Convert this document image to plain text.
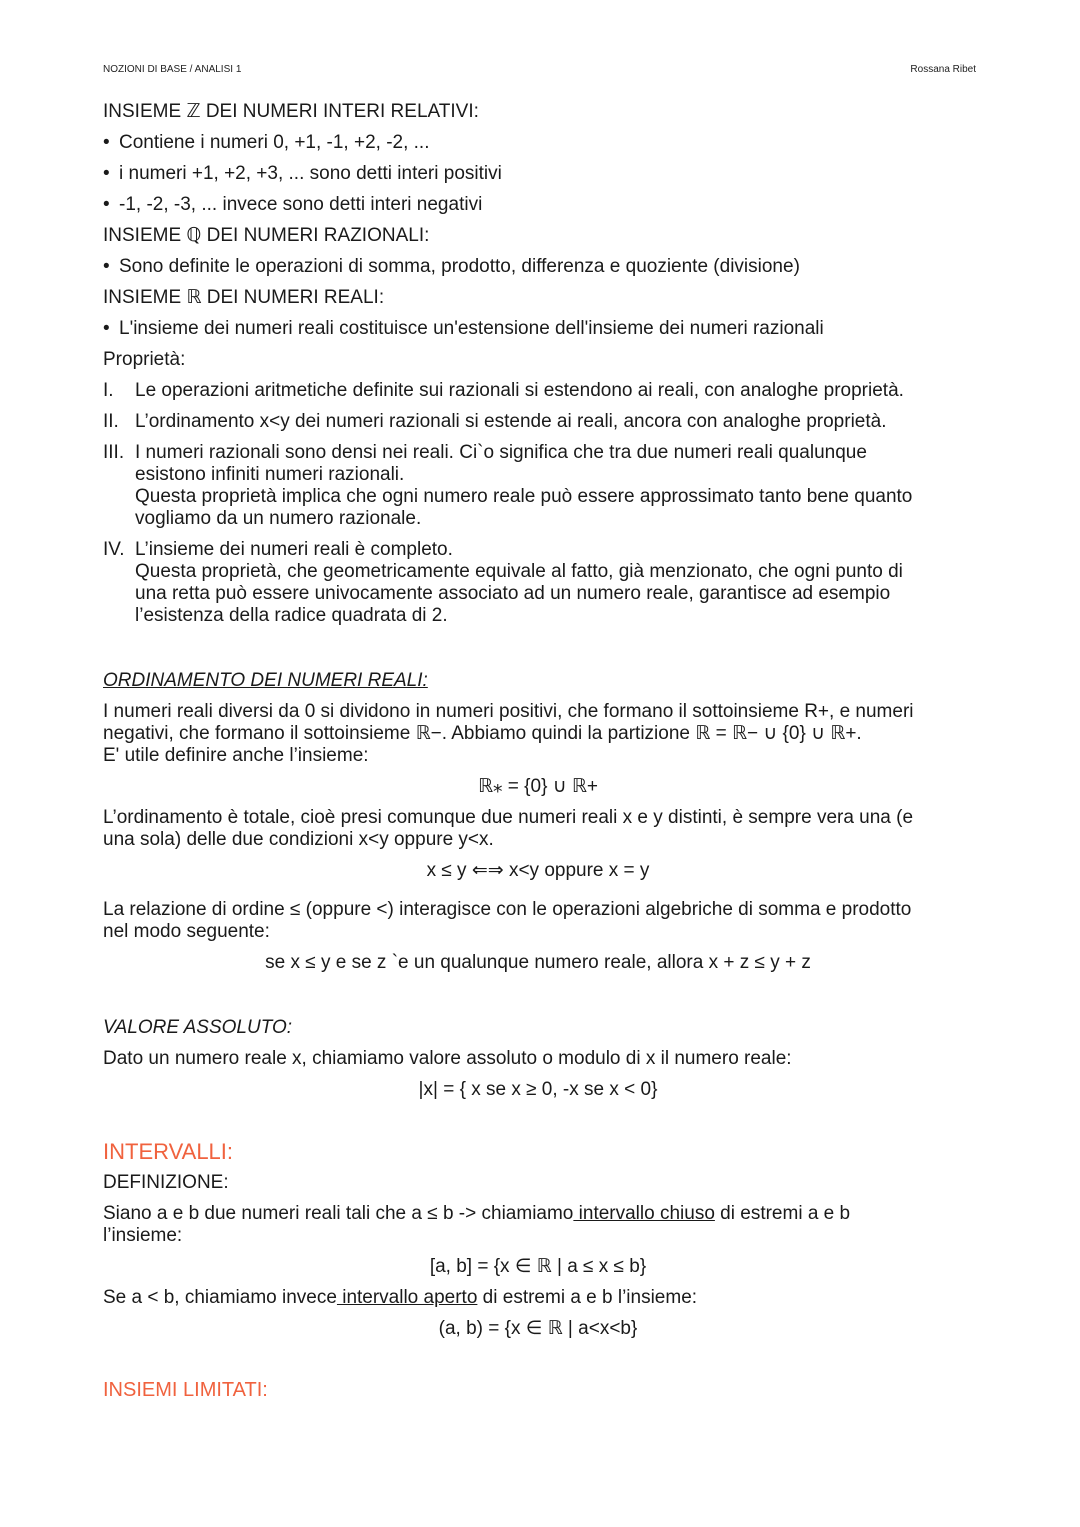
NOZIONI DI BASE / ANALISI 1	Rossana Ribet
INSIEME ℤ DEI NUMERI INTERI RELATIVI:
• Contiene i numeri 0, +1, -1, +2, -2, ...
• i numeri +1, +2, +3, ... sono detti interi positivi
• -1, -2, -3, ... invece sono detti interi negativi
INSIEME ℚ DEI NUMERI RAZIONALI:
• Sono definite le operazioni di somma, prodotto, differenza e quoziente (divisione)
INSIEME ℝ DEI NUMERI REALI:
• L'insieme dei numeri reali costituisce un'estensione dell'insieme dei numeri razionali
Proprietà:
I. Le operazioni aritmetiche definite sui razionali si estendono ai reali, con analoghe proprietà.
II. L’ordinamento x<y dei numeri razionali si estende ai reali, ancora con analoghe proprietà.
III. I numeri razionali sono densi nei reali. Ci`o significa che tra due numeri reali qualunque
esistono infiniti numeri razionali.
Questa proprietà implica che ogni numero reale può essere approssimato tanto bene quanto
vogliamo da un numero razionale.
IV. L’insieme dei numeri reali è completo.
Questa proprietà, che geometricamente equivale al fatto, già menzionato, che ogni punto di
una retta può essere univocamente associato ad un numero reale, garantisce ad esempio
l’esistenza della radice quadrata di 2.
ORDINAMENTO DEI NUMERI REALI:
I numeri reali diversi da 0 si dividono in numeri positivi, che formano il sottoinsieme R+, e numeri
negativi, che formano il sottoinsieme ℝ−. Abbiamo quindi la partizione ℝ = ℝ− ∪ {0} ∪ ℝ+.
E' utile definire anche l’insieme:
ℝ⁎ = {0} ∪ ℝ+
L’ordinamento è totale, cioè presi comunque due numeri reali x e y distinti, è sempre vera una (e
una sola) delle due condizioni x<y oppure y<x.
x ≤ y ⇐⇒ x<y oppure x = y
La relazione di ordine ≤ (oppure <) interagisce con le operazioni algebriche di somma e prodotto
nel modo seguente:
se x ≤ y e se z `e un qualunque numero reale, allora x + z ≤ y + z
VALORE ASSOLUTO:
Dato un numero reale x, chiamiamo valore assoluto o modulo di x il numero reale:
|x| = { x se x ≥ 0, -x se x < 0}
INTERVALLI:
DEFINIZIONE:
Siano a e b due numeri reali tali che a ≤ b -> chiamiamo intervallo chiuso di estremi a e b
l’insieme:
[a, b] = {x ∈ ℝ | a ≤ x ≤ b}
Se a < b, chiamiamo invece intervallo aperto di estremi a e b l’insieme:
(a, b) = {x ∈ ℝ | a<x<b}
INSIEMI LIMITATI:
